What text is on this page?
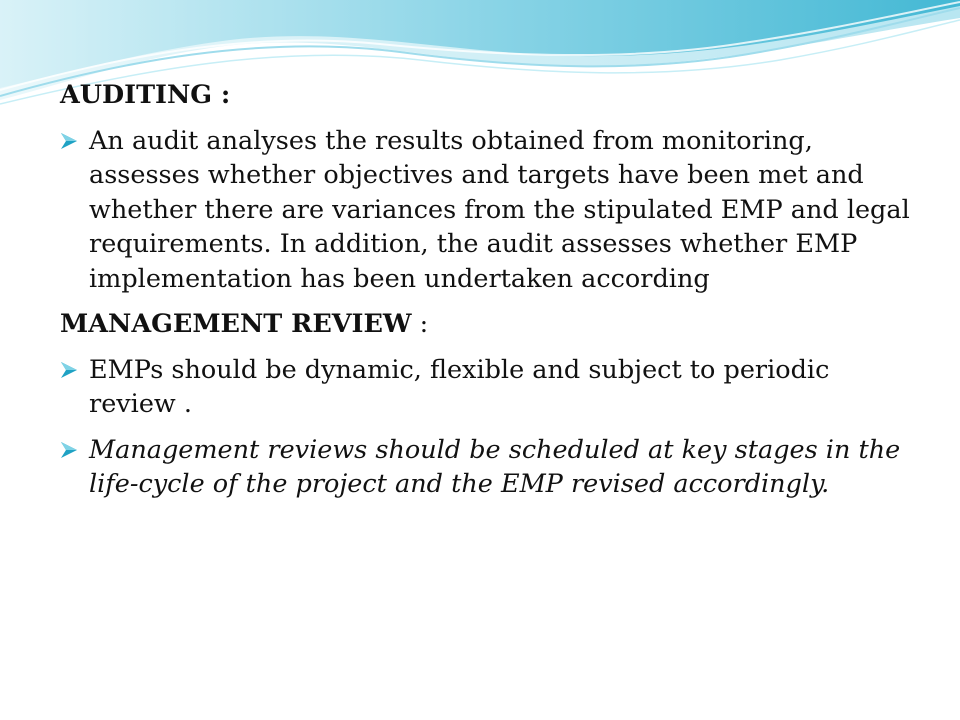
AUDITING :

An audit analyses the results obtained from monitoring, assesses whether objectives and targets have been met and whether there are variances from the stipulated EMP and legal requirements. In addition, the audit assesses whether EMP implementation has been undertaken according

MANAGEMENT REVIEW :

EMPs should be dynamic, flexible and subject to periodic review .
Management reviews should be scheduled at key stages in the life-cycle of the project and the EMP revised accordingly.
